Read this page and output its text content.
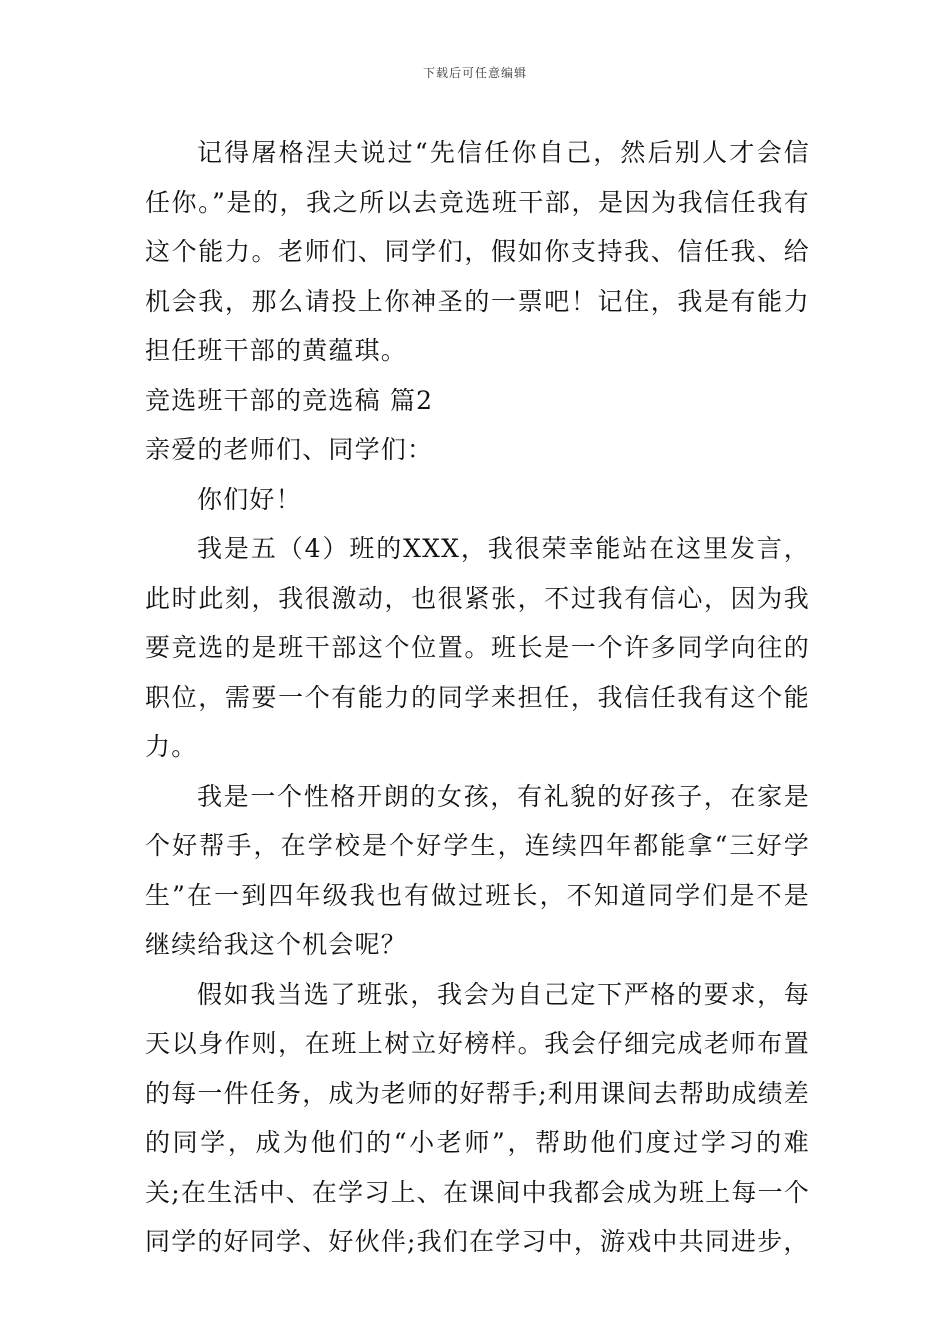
下载后可任意编辑

记得屠格涅夫说过“先信任你自己，然后别人才会信任你。”是的，我之所以去竞选班干部，是因为我信任我有这个能力。老师们、同学们，假如你支持我、信任我、给机会我，那么请投上你神圣的一票吧！记住，我是有能力担任班干部的黄蕴琪。

竞选班干部的竞选稿 篇2

亲爱的老师们、同学们：

你们好！

我是五（4）班的XXX，我很荣幸能站在这里发言，此时此刻，我很激动，也很紧张，不过我有信心，因为我要竞选的是班干部这个位置。班长是一个许多同学向往的职位，需要一个有能力的同学来担任，我信任我有这个能力。

我是一个性格开朗的女孩，有礼貌的好孩子，在家是个好帮手，在学校是个好学生，连续四年都能拿“三好学生”在一到四年级我也有做过班长，不知道同学们是不是继续给我这个机会呢？

假如我当选了班张，我会为自己定下严格的要求，每天以身作则，在班上树立好榜样。我会仔细完成老师布置的每一件任务，成为老师的好帮手;利用课间去帮助成绩差的同学，成为他们的“小老师”，帮助他们度过学习的难关;在生活中、在学习上、在课间中我都会成为班上每一个同学的好同学、好伙伴;我们在学习中，游戏中共同进步，
